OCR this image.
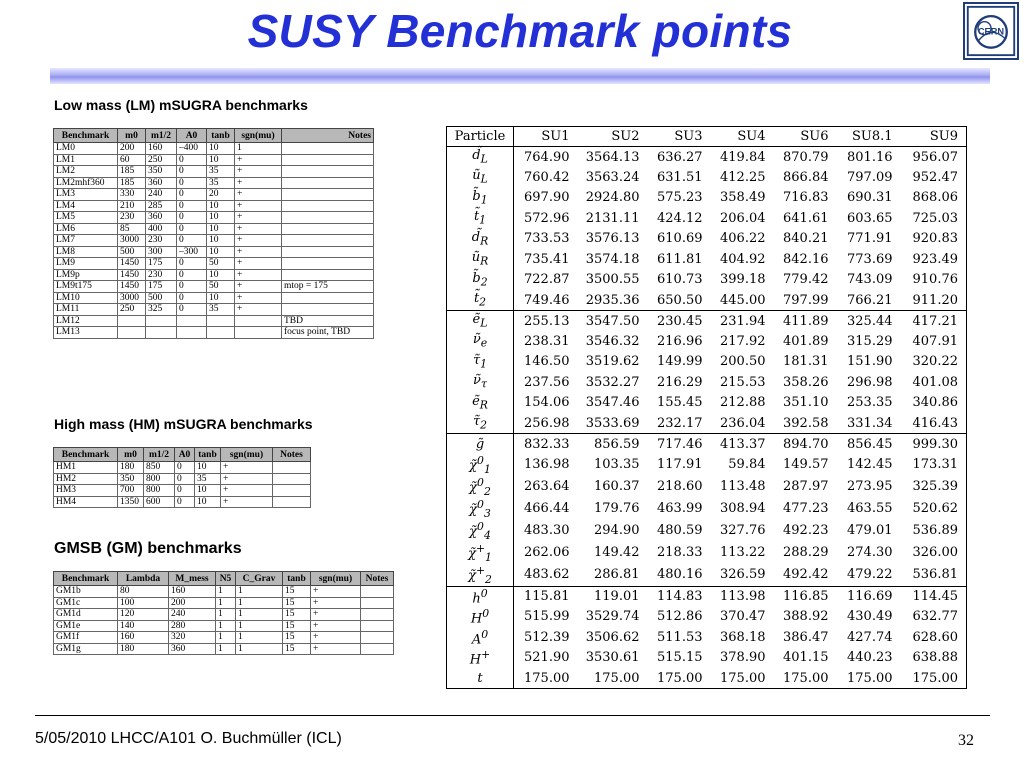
SUSY Benchmark points	CERN
Low mass (LM) mSUGRA benchmarks
Benchmark	m0	m1/2	A0	tanb	sgn(mu)	Notes
LM0	200	160	–400	10	1	
LM1	60	250	0	10	+	
LM2	185	350	0	35	+	
LM2mhf360	185	360	0	35	+	
LM3	330	240	0	20	+	
LM4	210	285	0	10	+	
LM5	230	360	0	10	+	
LM6	85	400	0	10	+	
LM7	3000	230	0	10	+	
LM8	500	300	–300	10	+	
LM9	1450	175	0	50	+	
LM9p	1450	230	0	10	+	
LM9t175	1450	175	0	50	+	mtop = 175
LM10	3000	500	0	10	+	
LM11	250	325	0	35	+	
LM12						TBD
LM13						focus point, TBD
High mass (HM) mSUGRA benchmarks
Benchmark	m0	m1/2	A0	tanb	sgn(mu)	Notes
HM1	180	850	0	10	+	
HM2	350	800	0	35	+	
HM3	700	800	0	10	+	
HM4	1350	600	0	10	+	
GMSB (GM) benchmarks
Benchmark	Lambda	M_mess	N5	C_Grav	tanb	sgn(mu)	Notes
GM1b	80	160	1	1	15	+	
GM1c	100	200	1	1	15	+	
GM1d	120	240	1	1	15	+	
GM1e	140	280	1	1	15	+	
GM1f	160	320	1	1	15	+	
GM1g	180	360	1	1	15	+	
Particle	SU1	SU2	SU3	SU4	SU6	SU8.1	SU9
$d̃_L$	764.90	3564.13	636.27	419.84	870.79	801.16	956.07
$ũ_L$	760.42	3563.24	631.51	412.25	866.84	797.09	952.47
$b̃_1$	697.90	2924.80	575.23	358.49	716.83	690.31	868.06
$t̃_1$	572.96	2131.11	424.12	206.04	641.61	603.65	725.03
$d̃_R$	733.53	3576.13	610.69	406.22	840.21	771.91	920.83
$ũ_R$	735.41	3574.18	611.81	404.92	842.16	773.69	923.49
$b̃_2$	722.87	3500.55	610.73	399.18	779.42	743.09	910.76
$t̃_2$	749.46	2935.36	650.50	445.00	797.99	766.21	911.20
$ẽ_L$	255.13	3547.50	230.45	231.94	411.89	325.44	417.21
$\nũ_e$	238.31	3546.32	216.96	217.92	401.89	315.29	407.91
$\taũ_1$	146.50	3519.62	149.99	200.50	181.31	151.90	320.22
$\nũ_\tau$	237.56	3532.27	216.29	215.53	358.26	296.98	401.08
$ẽ_R$	154.06	3547.46	155.45	212.88	351.10	253.35	340.86
$\taũ_2$	256.98	3533.69	232.17	236.04	392.58	331.34	416.43
g̃	832.33	856.59	717.46	413.37	894.70	856.45	999.30
χ̃$^0_1$	136.98	103.35	117.91	59.84	149.57	142.45	173.31
χ̃$^0_2$	263.64	160.37	218.60	113.48	287.97	273.95	325.39
χ̃$^0_3$	466.44	179.76	463.99	308.94	477.23	463.55	520.62
χ̃$^0_4$	483.30	294.90	480.59	327.76	492.23	479.01	536.89
$\chĩ^+_1$	262.06	149.42	218.33	113.22	288.29	274.30	326.00
$\chĩ^+_2$	483.62	286.81	480.16	326.59	492.42	479.22	536.81
$h^0$	115.81	119.01	114.83	113.98	116.85	116.69	114.45
$H^0$	515.99	3529.74	512.86	370.47	388.92	430.49	632.77
$A^0$	512.39	3506.62	511.53	368.18	386.47	427.74	628.60
H+	521.90	3530.61	515.15	378.90	401.15	440.23	638.88
t	175.00	175.00	175.00	175.00	175.00	175.00	175.00
5/05/2010 LHCC/A101 O. Buchmüller (ICL)	32
